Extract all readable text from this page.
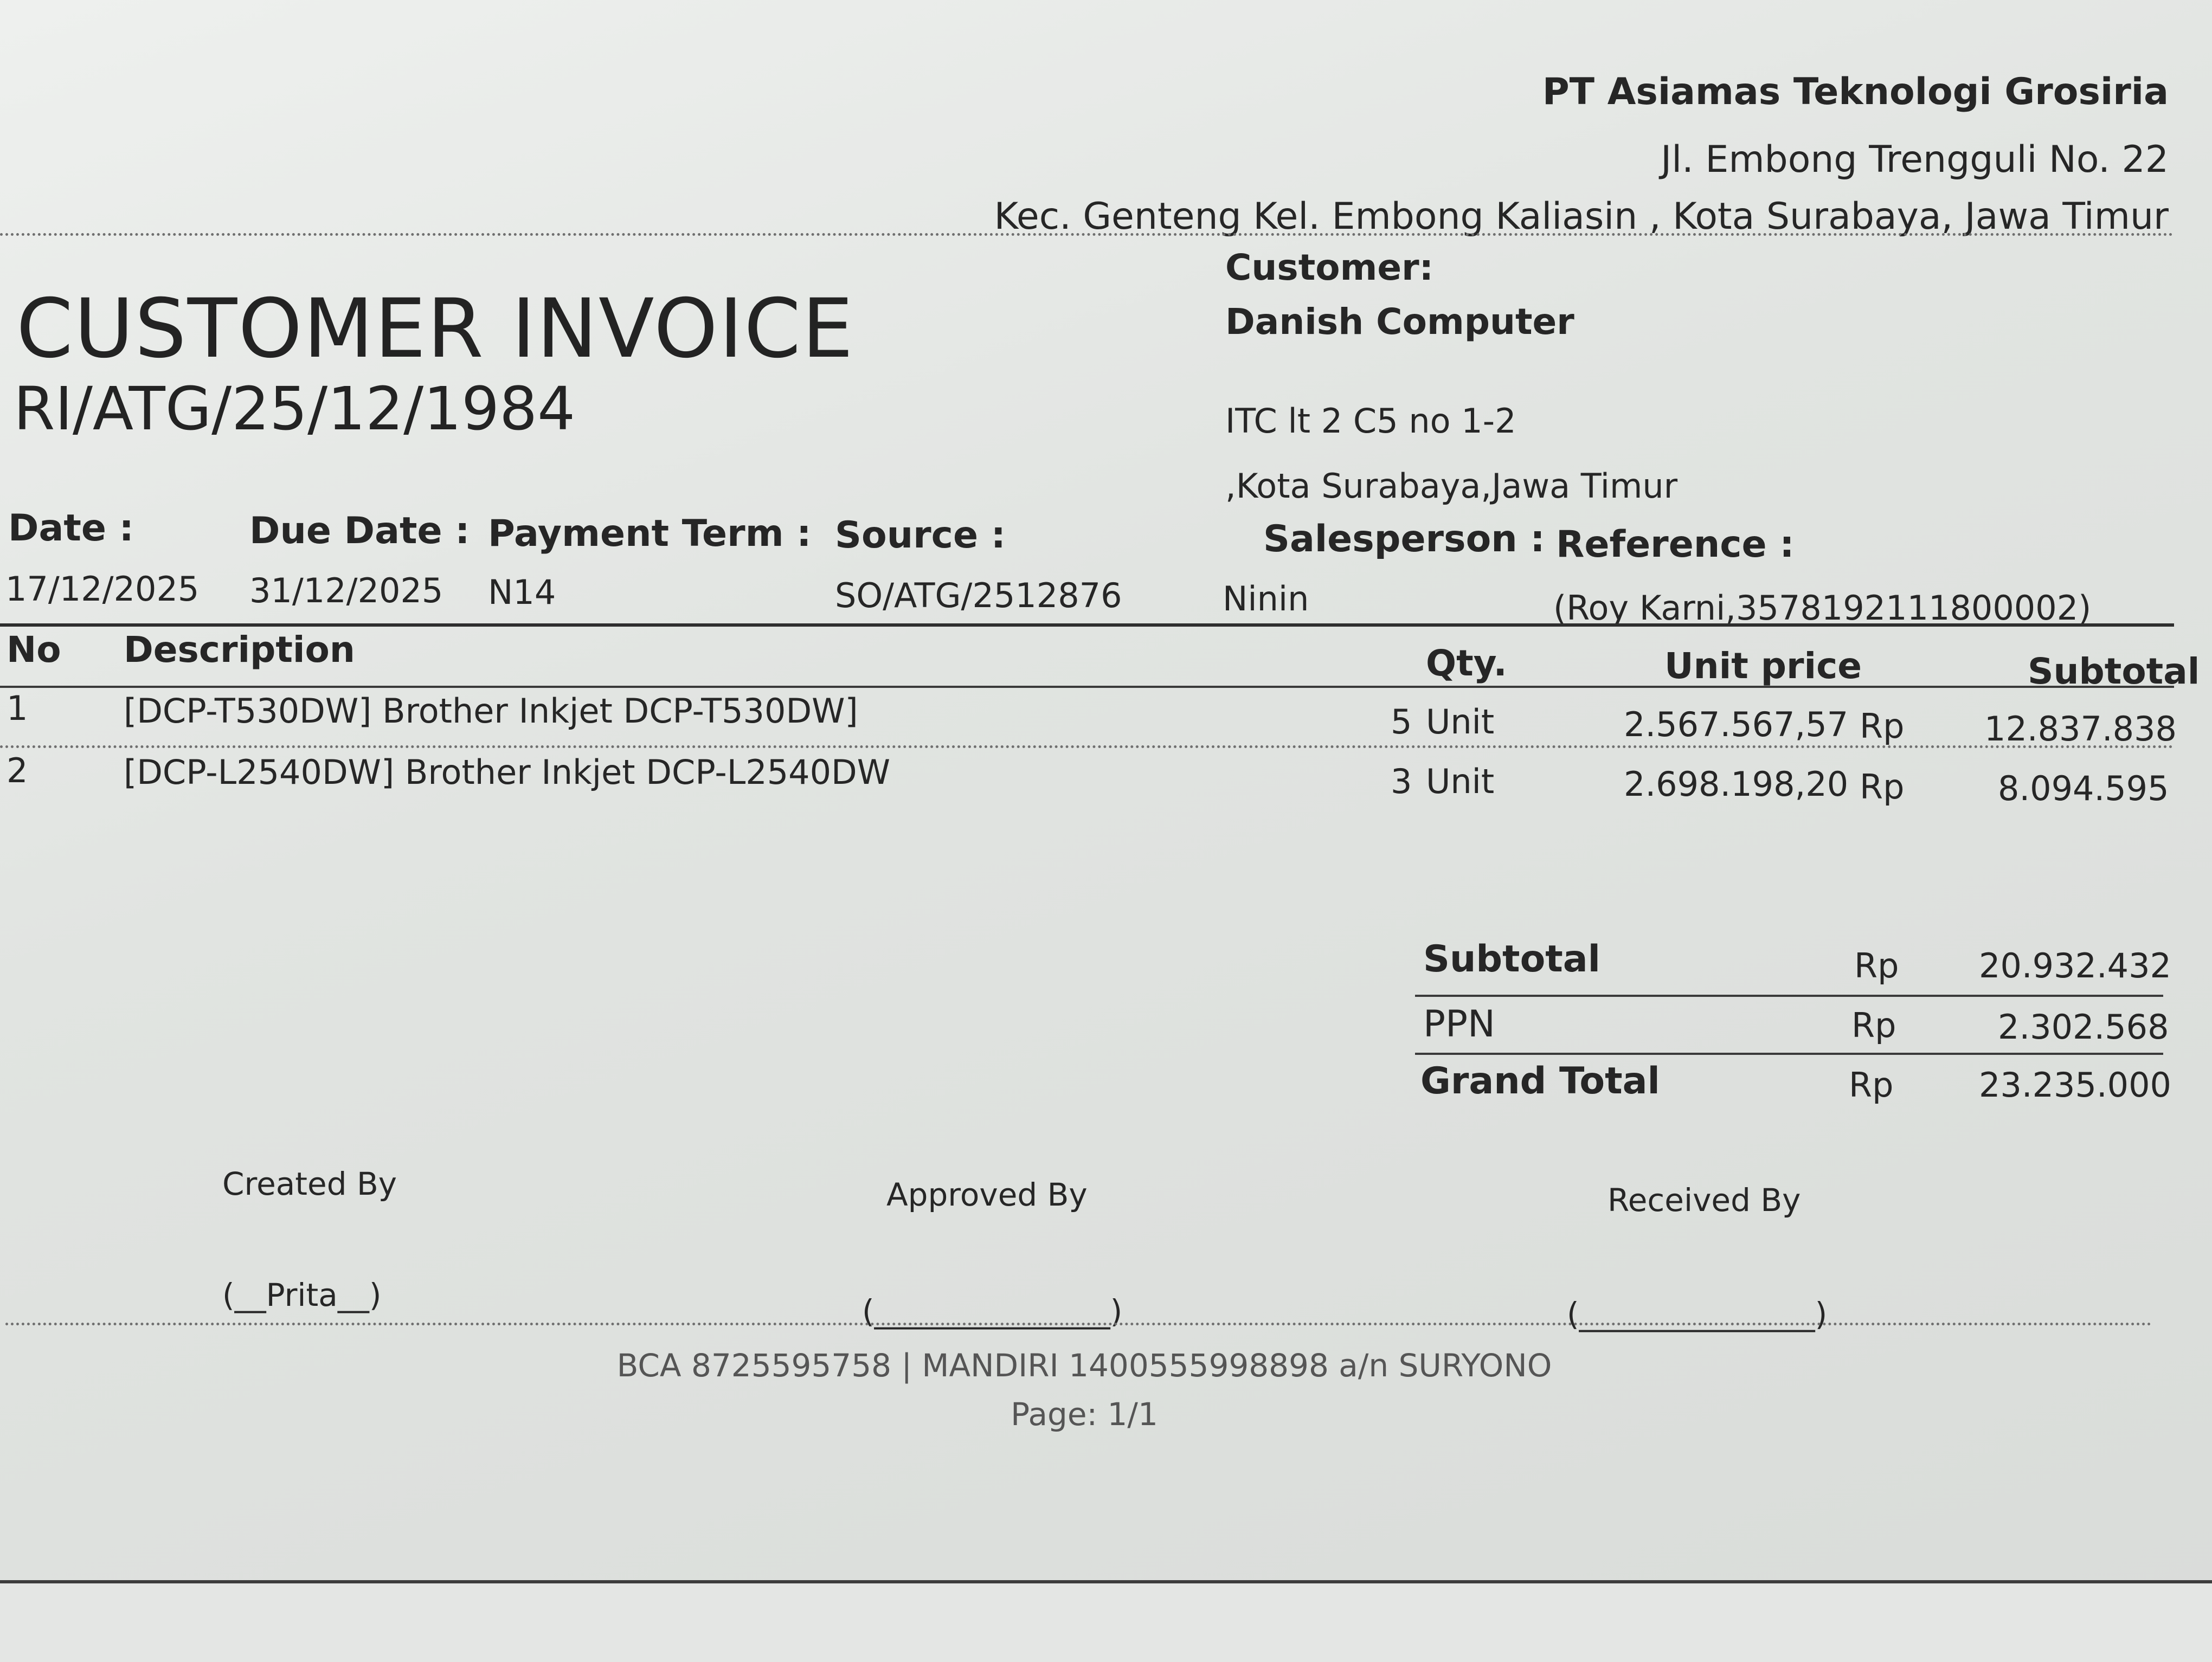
PT Asiamas Teknologi Grosiria
Jl. Embong Trengguli No. 22
Kec. Genteng Kel. Embong Kaliasin , Kota Surabaya, Jawa Timur
CUSTOMER INVOICE
RI/ATG/25/12/1984
Customer:
Danish Computer
ITC lt 2 C5 no 1-2
,Kota Surabaya,Jawa Timur
Date :	Due Date : Payment Term : Source :	Salesperson : Reference :
17/12/2025 31/12/2025 N14	SO/ATG/2512876	Ninin	(Roy Karni,3578192111800002)
No Description	Qty.	Unit price	Subtotal
1	[DCP-T530DW] Brother Inkjet DCP-T530DW]	5 Unit	2.567.567,57 Rp 12.837.838
2	[DCP-L2540DW] Brother Inkjet DCP-L2540DW	3 Unit	2.698.198,20 Rp	8.094.595
Subtotal	Rp 20.932.432
PPN	Rp	2.302.568
Grand Total	Rp	23.235.000
Created By	Approved By	Received By
(__Prita__)	(_______________)	(_______________)
BCA 8725595758 | MANDIRI 1400555998898 a/n SURYONO
Page: 1/1
